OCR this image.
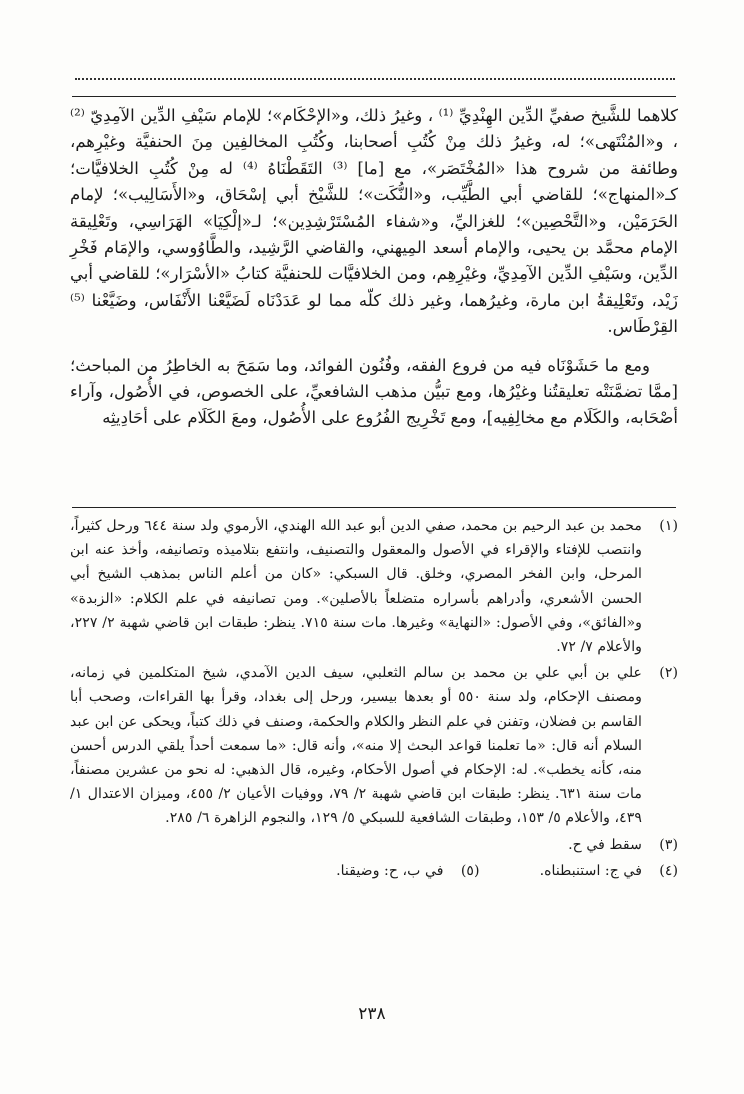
كلاهما للشَّيخ صفيِّ الدِّين الهِنْدِيِّ ⁽¹⁾ ، وغيرُ ذلك، و«الإحْكَام»؛ للإمام سَيْفِ الدِّين الآمِدِيّ ⁽²⁾ ، و«المُنْتَهى»؛ له، وغيرُ ذلك مِنْ كُتُبِ أصحابنا، وكُتُبِ المخالفِين مِنَ الحنفيَّة وغيْرِهم، وطائفة من شروح هذا «المُخْتَصَر»، مع [ما] ⁽³⁾ التَقَطْنَاهُ ⁽⁴⁾ له مِنْ كُتُبِ الخلافيَّات؛ كـ«المنهاج»؛ للقاضي أبي الطَّيِّب، و«النُّكَت»؛ للشَّيْخ أبي إسْحَاق، و«الأَسَالِيب»؛ لإمام الحَرَمَيْن، و«التَّحْصِين»؛ للغزاليِّ، و«شفاء المُسْتَرْشِدِين»؛ لـ«إلْكِيَا» الهَرَاسِي، وتَعْلِيقة الإمام محمَّد بن يحيى، والإمام أسعد المِيهني، والقاضي الرَّشِيد، والطَّاوُوسي، والإمَام فَخْرِ الدِّين، وسَيْفِ الدِّين الآمِدِيِّ، وغيْرِهِم، ومن الخلافيَّات للحنفيَّة كتابُ «الأسْرَار»؛ للقاضي أبي زَيْد، وتَعْلِيقةُ ابن مارة، وغيرُهما، وغير ذلك كلّه مما لو عَدَدْنَاه لَضَيَّعْنا الأَنْفَاس، وضَيَّعْنا ⁽⁵⁾ القِرْطَاس.

ومع ما حَشَوْنَاه فيه من فروع الفقه، وفُنُون الفوائد، وما سَمَحَ به الخاطِرُ من المباحث؛ [ممَّا تضمَّنَتْه تعليقتُنا وغيْرُها، ومع تبيُّن مذهب الشافعيِّ، على الخصوص، في الأُصُول، وآراء أصْحَابه، والكَلَام مع مخالِفِيه]، ومع تَخْرِيج الفُرُوع على الأُصُول، ومعَ الكَلَام على أحَادِيثِه

(١)
محمد بن عبد الرحيم بن محمد، صفي الدين أبو عبد الله الهندي، الأرموي ولد سنة ٦٤٤ ورحل كثيراً، وانتصب للإفتاء والإقراء في الأصول والمعقول والتصنيف، وانتفع بتلاميذه وتصانيفه، وأخذ عنه ابن المرحل، وابن الفخر المصري، وخلق. قال السبكي: «كان من أعلم الناس بمذهب الشيخ أبي الحسن الأشعري، وأدراهم بأسراره متضلعاً بالأصلين». ومن تصانيفه في علم الكلام: «الزبدة» و«الفائق»، وفي الأصول: «النهاية» وغيرها. مات سنة ٧١٥. ينظر: طبقات ابن قاضي شهبة ٢/ ٢٢٧، والأعلام ٧/ ٧٢.
(٢)
علي بن أبي علي بن محمد بن سالم الثعلبي، سيف الدين الآمدي، شيخ المتكلمين في زمانه، ومصنف الإحكام، ولد سنة ٥٥٠ أو بعدها بيسير، ورحل إلى بغداد، وقرأ بها القراءات، وصحب أبا القاسم بن فضلان، وتفنن في علم النظر والكلام والحكمة، وصنف في ذلك كتباً، ويحكى عن ابن عبد السلام أنه قال: «ما تعلمنا قواعد البحث إلا منه»، وأنه قال: «ما سمعت أحداً يلقي الدرس أحسن منه، كأنه يخطب». له: الإحكام في أصول الأحكام، وغيره، قال الذهبي: له نحو من عشرين مصنفاً، مات سنة ٦٣١. ينظر: طبقات ابن قاضي شهبة ٢/ ٧٩، ووفيات الأعيان ٢/ ٤٥٥، وميزان الاعتدال ١/ ٤٣٩، والأعلام ٥/ ١٥٣، وطبقات الشافعية للسبكي ٥/ ١٢٩، والنجوم الزاهرة ٦/ ٢٨٥.
(٣)
سقط في ح.
(٤)
في ج: استنبطناه.
(٥)
في ب، ح: وضيقنا.
٢٣٨
